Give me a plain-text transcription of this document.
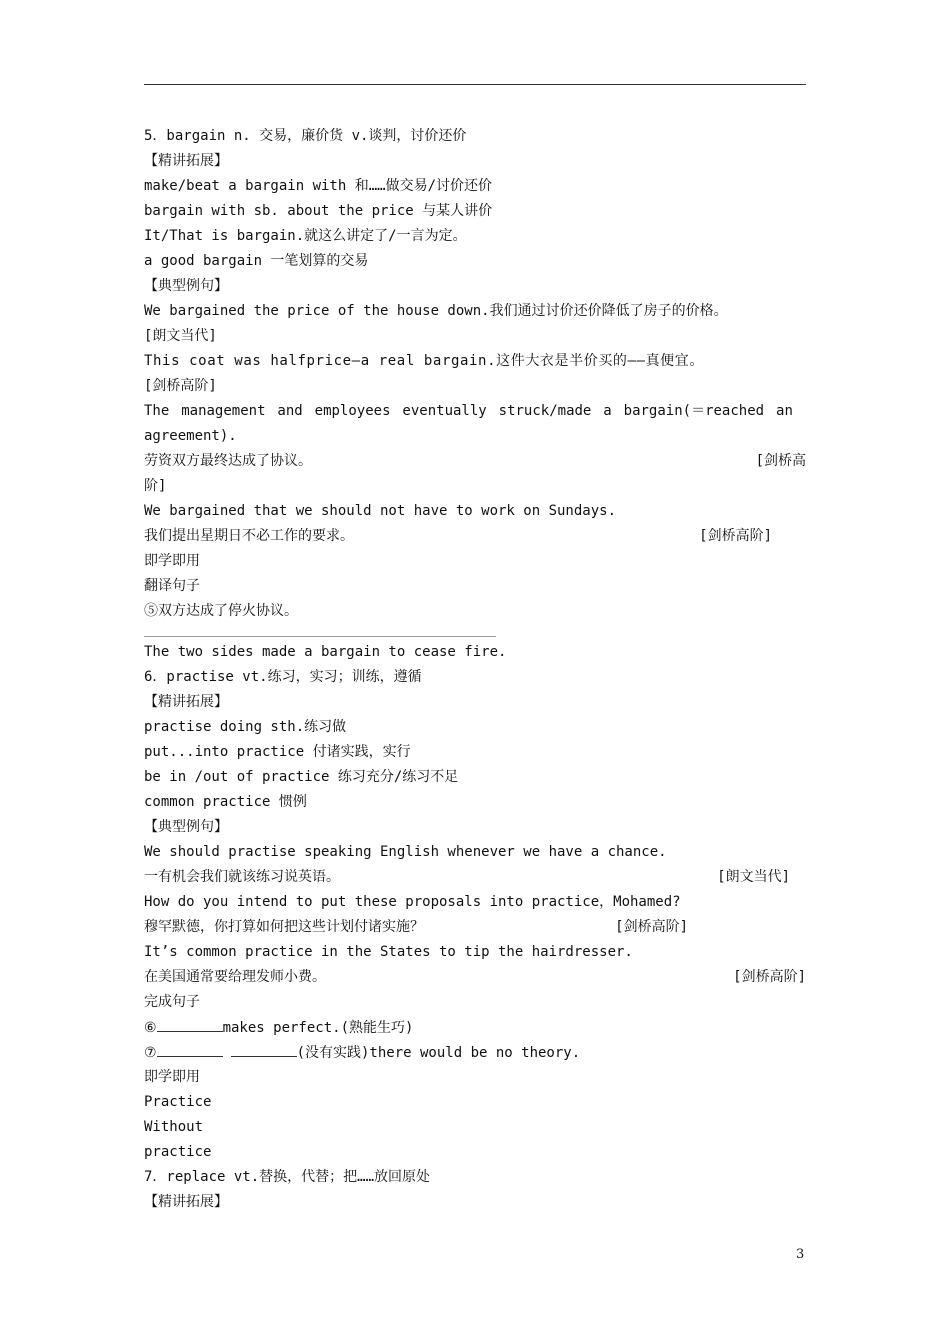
5．bargain n. 交易，廉价货 v.谈判，讨价还价
【精讲拓展】
make/beat a bargain with 和……做交易/讨价还价
bargain with sb. about the price 与某人讲价
It/That is bargain.就这么讲定了/一言为定。
a good bargain 一笔划算的交易
【典型例句】
We bargained the price of the house down.我们通过讨价还价降低了房子的价格。
[朗文当代]
This coat was halfprice—a real bargain.这件大衣是半价买的——真便宜。
[剑桥高阶]
The management and employees eventually struck/made a bargain(＝reached an
agreement).
劳资双方最终达成了协议。	[剑桥高
阶]
We bargained that we should not have to work on Sundays.
我们提出星期日不必工作的要求。	[剑桥高阶]
即学即用
翻译句子
⑤双方达成了停火协议。
The two sides made a bargain to cease fire.
6．practise vt.练习，实习；训练，遵循
【精讲拓展】
practise doing sth.练习做
put...into practice 付诸实践，实行
be in /out of practice 练习充分/练习不足
common practice 惯例
【典型例句】
We should practise speaking English whenever we have a chance.
一有机会我们就该练习说英语。	[朗文当代]
How do you intend to put these proposals into practice，Mohamed?
穆罕默德，你打算如何把这些计划付诸实施？	[剑桥高阶]
It’s common practice in the States to tip the hairdresser.
在美国通常要给理发师小费。	[剑桥高阶]
完成句子
⑥	makes perfect.(熟能生巧)
⑦	(没有实践)there would be no theory.
即学即用
Practice
Without
practice
7．replace vt.替换，代替；把……放回原处
【精讲拓展】
3
